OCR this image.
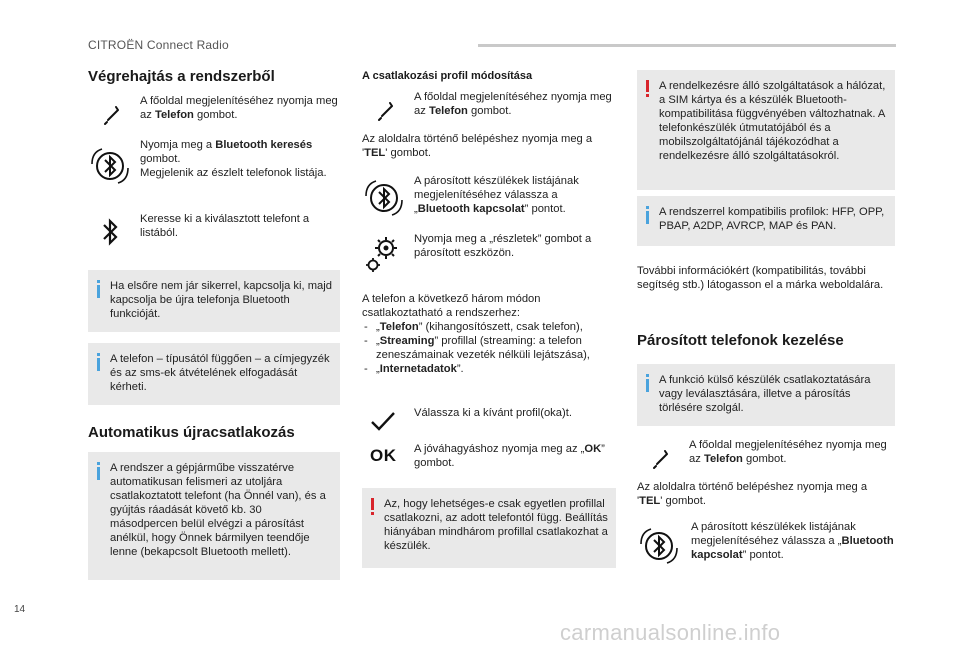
CITROËN Connect Radio
Végrehajtás a rendszerből
A főoldal megjelenítéséhez nyomja meg az Telefon gombot.
Nyomja meg a Bluetooth keresés gombot.
Megjelenik az észlelt telefonok listája.
Keresse ki a kiválasztott telefont a listából.
Ha elsőre nem jár sikerrel, kapcsolja ki, majd kapcsolja be újra telefonja Bluetooth funkcióját.
A telefon – típusától függően – a címjegyzék és az sms-ek átvételének elfogadását kérheti.
Automatikus újracsatlakozás
A rendszer a gépjárműbe visszatérve automatikusan felismeri az utoljára csatlakoztatott telefont (ha Önnél van), és a gyújtás ráadását követő kb. 30 másodpercen belül elvégzi a párosítást anélkül, hogy Önnek bármilyen teendője lenne (bekapcsolt Bluetooth mellett).
A csatlakozási profil módosítása
A főoldal megjelenítéséhez nyomja meg az Telefon gombot.
Az aloldalra történő belépéshez nyomja meg a 'TEL' gombot.
A párosított készülékek listájának megjelenítéséhez válassza a „Bluetooth kapcsolat” pontot.
Nyomja meg a „részletek” gombot a párosított eszközön.
A telefon a következő három módon csatlakoztatható a rendszerhez:
- „Telefon” (kihangosítószett, csak telefon),
- „Streaming” profillal (streaming: a telefon zeneszámainak vezeték nélküli lejátszása),
- „Internetadatok”.
Válassza ki a kívánt profil(oka)t.
OK A jóváhagyáshoz nyomja meg az „OK” gombot.
Az, hogy lehetséges-e csak egyetlen profillal csatlakozni, az adott telefontól függ. Beállítás hiányában mindhárom profillal csatlakozhat a készülék.
A rendelkezésre álló szolgáltatások a hálózat, a SIM kártya és a készülék Bluetooth-kompatibilitása függvényében változhatnak. A telefonkészülék útmutatójából és a mobilszolgáltatójánál tájékozódhat a rendelkezésre álló szolgáltatásokról.
A rendszerrel kompatibilis profilok: HFP, OPP, PBAP, A2DP, AVRCP, MAP és PAN.
További információkért (kompatibilitás, további segítség stb.) látogasson el a márka weboldalára.
Párosított telefonok kezelése
A funkció külső készülék csatlakoztatására vagy leválasztására, illetve a párosítás törlésére szolgál.
A főoldal megjelenítéséhez nyomja meg az Telefon gombot.
Az aloldalra történő belépéshez nyomja meg a 'TEL' gombot.
A párosított készülékek listájának megjelenítéséhez válassza a „Bluetooth kapcsolat” pontot.
14
carmanualsonline.info
